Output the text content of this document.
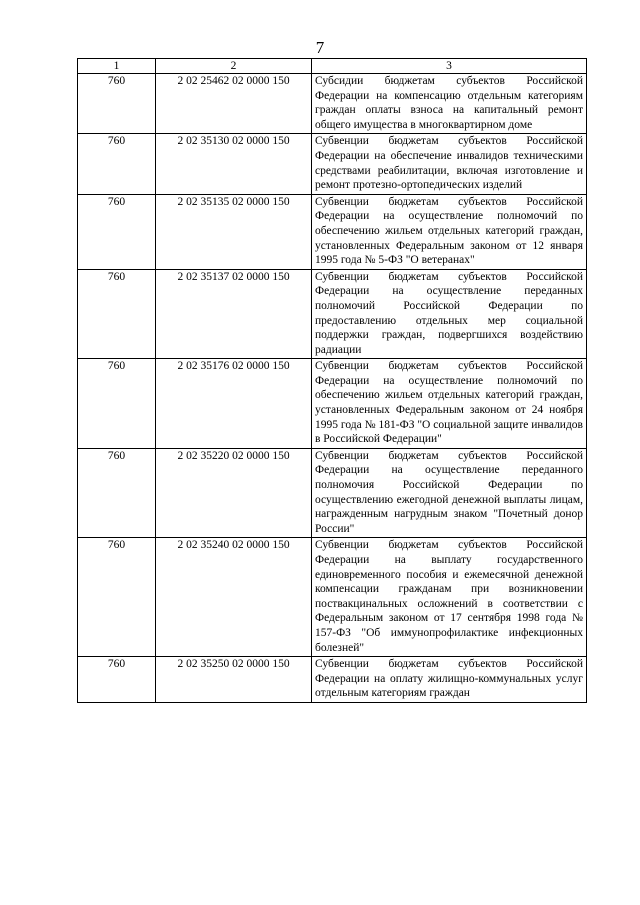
7
1	2	3
760	2 02 25462 02 0000 150	Субсидии бюджетам субъектов Российской Федерации на компенсацию отдельным категориям граждан оплаты взноса на капитальный ремонт общего имущества в многоквартирном доме
760	2 02 35130 02 0000 150	Субвенции бюджетам субъектов Российской Федерации на обеспечение инвалидов техническими средствами реабилитации, включая изготовление и ремонт протезно-ортопедических изделий
760	2 02 35135 02 0000 150	Субвенции бюджетам субъектов Российской Федерации на осуществление полномочий по обеспечению жильем отдельных категорий граждан, установленных Федеральным законом от 12 января 1995 года № 5-ФЗ "О ветеранах"
760	2 02 35137 02 0000 150	Субвенции бюджетам субъектов Российской Федерации на осуществление переданных полномочий Российской Федерации по предоставлению отдельных мер социальной поддержки граждан, подвергшихся воздействию радиации
760	2 02 35176 02 0000 150	Субвенции бюджетам субъектов Российской Федерации на осуществление полномочий по обеспечению жильем отдельных категорий граждан, установленных Федеральным законом от 24 ноября 1995 года № 181-ФЗ "О социальной защите инвалидов в Российской Федерации"
760	2 02 35220 02 0000 150	Субвенции бюджетам субъектов Российской Федерации на осуществление переданного полномочия Российской Федерации по осуществлению ежегодной денежной выплаты лицам, награжденным нагрудным знаком "Почетный донор России"
760	2 02 35240 02 0000 150	Субвенции бюджетам субъектов Российской Федерации на выплату государственного единовременного пособия и ежемесячной денежной компенсации гражданам при возникновении поствакцинальных осложнений в соответствии с Федеральным законом от 17 сентября 1998 года № 157-ФЗ "Об иммунопрофилактике инфекционных болезней"
760	2 02 35250 02 0000 150	Субвенции бюджетам субъектов Российской Федерации на оплату жилищно-коммунальных услуг отдельным категориям граждан
